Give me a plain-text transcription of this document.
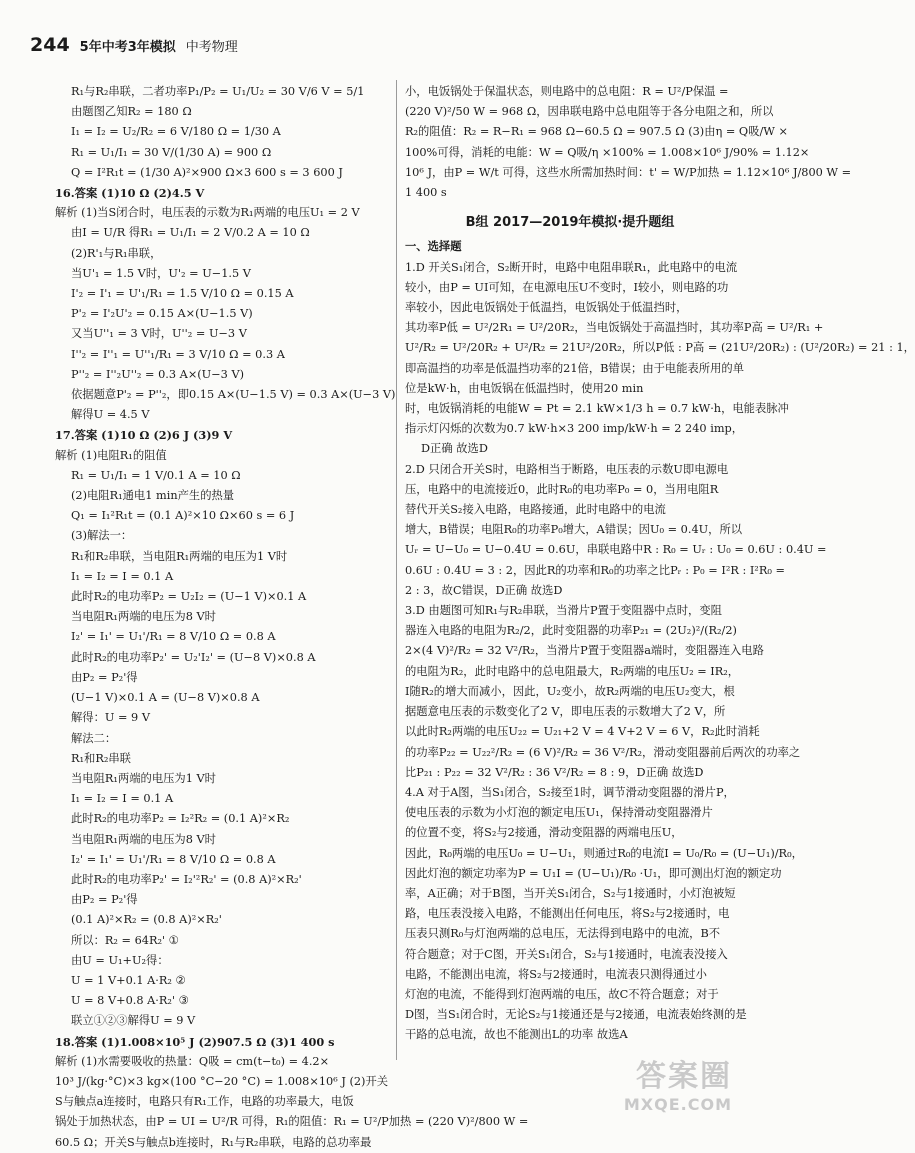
244 5年中考3年模拟 中考物理
R₁与R₂串联，二者功率P₁/P₂ = U₁/U₂ = 30 V/6 V = 5/1
由题图乙知R₂ = 180 Ω
I₁ = I₂ = U₂/R₂ = 6 V/180 Ω = 1/30 A
R₁ = U₁/I₁ = 30 V/(1/30 A) = 900 Ω
Q = I²R₁t = (1/30 A)²×900 Ω×3 600 s = 3 600 J
16.答案 (1)10 Ω (2)4.5 V
解析 (1)当S闭合时，电压表的示数为R₁两端的电压U₁ = 2 V
由I = U/R 得R₁ = U₁/I₁ = 2 V/0.2 A = 10 Ω
(2)R'₁与R₁串联，
当U'₁ = 1.5 V时，U'₂ = U−1.5 V
I'₂ = I'₁ = U'₁/R₁ = 1.5 V/10 Ω = 0.15 A
P'₂ = I'₂U'₂ = 0.15 A×(U−1.5 V)
又当U''₁ = 3 V时，U''₂ = U−3 V
I''₂ = I''₁ = U''₁/R₁ = 3 V/10 Ω = 0.3 A
P''₂ = I''₂U''₂ = 0.3 A×(U−3 V)
依据题意P'₂ = P''₂，即0.15 A×(U−1.5 V) = 0.3 A×(U−3 V)
解得U = 4.5 V
17.答案 (1)10 Ω (2)6 J (3)9 V
解析 (1)电阻R₁的阻值
R₁ = U₁/I₁ = 1 V/0.1 A = 10 Ω
(2)电阻R₁通电1 min产生的热量
Q₁ = I₁²R₁t = (0.1 A)²×10 Ω×60 s = 6 J
(3)解法一：
R₁和R₂串联，当电阻R₁两端的电压为1 V时
I₁ = I₂ = I = 0.1 A
此时R₂的电功率P₂ = U₂I₂ = (U−1 V)×0.1 A
当电阻R₁两端的电压为8 V时
I₂' = I₁' = U₁'/R₁ = 8 V/10 Ω = 0.8 A
此时R₂的电功率P₂' = U₂'I₂' = (U−8 V)×0.8 A
由P₂ = P₂'得
(U−1 V)×0.1 A = (U−8 V)×0.8 A
解得：U = 9 V
解法二：
R₁和R₂串联
当电阻R₁两端的电压为1 V时
I₁ = I₂ = I = 0.1 A
此时R₂的电功率P₂ = I₂²R₂ = (0.1 A)²×R₂
当电阻R₁两端的电压为8 V时
I₂' = I₁' = U₁'/R₁ = 8 V/10 Ω = 0.8 A
此时R₂的电功率P₂' = I₂'²R₂' = (0.8 A)²×R₂'
由P₂ = P₂'得
(0.1 A)²×R₂ = (0.8 A)²×R₂'
所以：R₂ = 64R₂' ①
由U = U₁+U₂得：
U = 1 V+0.1 A·R₂ ②
U = 8 V+0.8 A·R₂' ③
联立①②③解得U = 9 V
18.答案 (1)1.008×10⁵ J (2)907.5 Ω (3)1 400 s
解析 (1)水需要吸收的热量：Q吸 = cm(t−t₀) = 4.2×
10³ J/(kg·°C)×3 kg×(100 °C−20 °C) = 1.008×10⁶ J (2)开关
S与触点a连接时，电路只有R₁工作，电路的功率最大，电饭
锅处于加热状态，由P = UI = U²/R 可得，R₁的阻值：R₁ = U²/P加热 = (220 V)²/800 W =
60.5 Ω；开关S与触点b连接时，R₁与R₂串联，电路的总功率最
小，电饭锅处于保温状态，则电路中的总电阻：R = U²/P保温 =
(220 V)²/50 W = 968 Ω，因串联电路中总电阻等于各分电阻之和，所以
R₂的阻值：R₂ = R−R₁ = 968 Ω−60.5 Ω = 907.5 Ω (3)由η = Q吸/W ×
100%可得，消耗的电能：W = Q吸/η ×100% = 1.008×10⁶ J/90% = 1.12×
10⁶ J，由P = W/t 可得，这些水所需加热时间：t' = W/P加热 = 1.12×10⁶ J/800 W =
1 400 s
B组 2017—2019年模拟·提升题组
一、选择题
1.D 开关S₁闭合，S₂断开时，电路中电阻串联R₁，此电路中的电流
较小，由P = UI可知，在电源电压U不变时，I较小，则电路的功
率较小，因此电饭锅处于低温挡，电饭锅处于低温挡时，
其功率P低 = U²/2R₁ = U²/20R₂，当电饭锅处于高温挡时，其功率P高 = U²/R₁ +
U²/R₂ = U²/20R₂ + U²/R₂ = 21U²/20R₂，所以P低 : P高 = (21U²/20R₂) : (U²/20R₂) = 21 : 1，
即高温挡的功率是低温挡功率的21倍，B错误；由于电能表所用的单
位是kW·h，由电饭锅在低温挡时，使用20 min
时，电饭锅消耗的电能W = Pt = 2.1 kW×1/3 h = 0.7 kW·h，电能表脉冲
指示灯闪烁的次数为0.7 kW·h×3 200 imp/kW·h = 2 240 imp，
D正确 故选D
2.D 只闭合开关S时，电路相当于断路，电压表的示数U即电源电
压，电路中的电流接近0，此时R₀的电功率P₀ = 0，当用电阻R
替代开关S₂接入电路，电路接通，此时电路中的电流
增大，B错误；电阻R₀的功率P₀增大，A错误；因U₀ = 0.4U，所以
Uᵣ = U−U₀ = U−0.4U = 0.6U，串联电路中R : R₀ = Uᵣ : U₀ = 0.6U : 0.4U =
0.6U : 0.4U = 3 : 2，因此R的功率和R₀的功率之比Pᵣ : P₀ = I²R : I²R₀ =
2 : 3，故C错误，D正确 故选D
3.D 由题图可知R₁与R₂串联，当滑片P置于变阻器中点时，变阻
器连入电路的电阻为R₂/2，此时变阻器的功率P₂₁ = (2U₂)²/(R₂/2)
2×(4 V)²/R₂ = 32 V²/R₂，当滑片P置于变阻器a端时，变阻器连入电路
的电阻为R₂，此时电路中的总电阻最大，R₂两端的电压U₂ = IR₂，
I随R₂的增大而减小，因此，U₂变小，故R₂两端的电压U₂变大，根
据题意电压表的示数变化了2 V，即电压表的示数增大了2 V，所
以此时R₂两端的电压U₂₂ = U₂₁+2 V = 4 V+2 V = 6 V，R₂此时消耗
的功率P₂₂ = U₂₂²/R₂ = (6 V)²/R₂ = 36 V²/R₂，滑动变阻器前后两次的功率之
比P₂₁ : P₂₂ = 32 V²/R₂ : 36 V²/R₂ = 8 : 9，D正确 故选D
4.A 对于A图，当S₁闭合，S₂接至1时，调节滑动变阻器的滑片P，
使电压表的示数为小灯泡的额定电压U₁，保持滑动变阻器滑片
的位置不变，将S₂与2接通，滑动变阻器的两端电压U，
因此，R₀两端的电压U₀ = U−U₁，则通过R₀的电流I = U₀/R₀ = (U−U₁)/R₀，
因此灯泡的额定功率为P = U₁I = (U−U₁)/R₀ ·U₁，即可测出灯泡的额定功
率，A正确；对于B图，当开关S₁闭合，S₂与1接通时，小灯泡被短
路，电压表没接入电路，不能测出任何电压，将S₂与2接通时，电
压表只测R₀与灯泡两端的总电压，无法得到电路中的电流，B不
符合题意；对于C图，开关S₁闭合，S₂与1接通时，电流表没接入
电路，不能测出电流，将S₂与2接通时，电流表只测得通过小
灯泡的电流，不能得到灯泡两端的电压，故C不符合题意；对于
D图，当S₁闭合时，无论S₂与1接通还是与2接通，电流表始终测的是
干路的总电流，故也不能测出L的功率 故选A
答案圈
MXQE.COM
